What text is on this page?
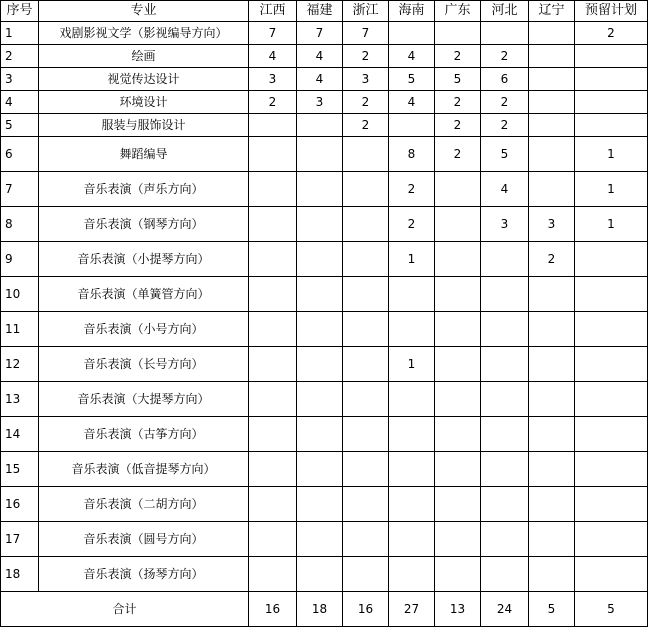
序号	专业	江西	福建	浙江	海南	广东	河北	辽宁	预留计划
1	戏剧影视文学（影视编导方向）	7	7	7					2
2	绘画	4	4	2	4	2	2		
3	视觉传达设计	3	4	3	5	5	6		
4	环境设计	2	3	2	4	2	2		
5	服装与服饰设计			2		2	2		
6	舞蹈编导				8	2	5		1
7	音乐表演（声乐方向）				2		4		1
8	音乐表演（钢琴方向）				2		3	3	1
9	音乐表演（小提琴方向）				1			2	
10	音乐表演（单簧管方向）								
11	音乐表演（小号方向）								
12	音乐表演（长号方向）				1				
13	音乐表演（大提琴方向）								
14	音乐表演（古筝方向）								
15	音乐表演（低音提琴方向）								
16	音乐表演（二胡方向）								
17	音乐表演（圆号方向）								
18	音乐表演（扬琴方向）								
合计		16	18	16	27	13	24	5	5
